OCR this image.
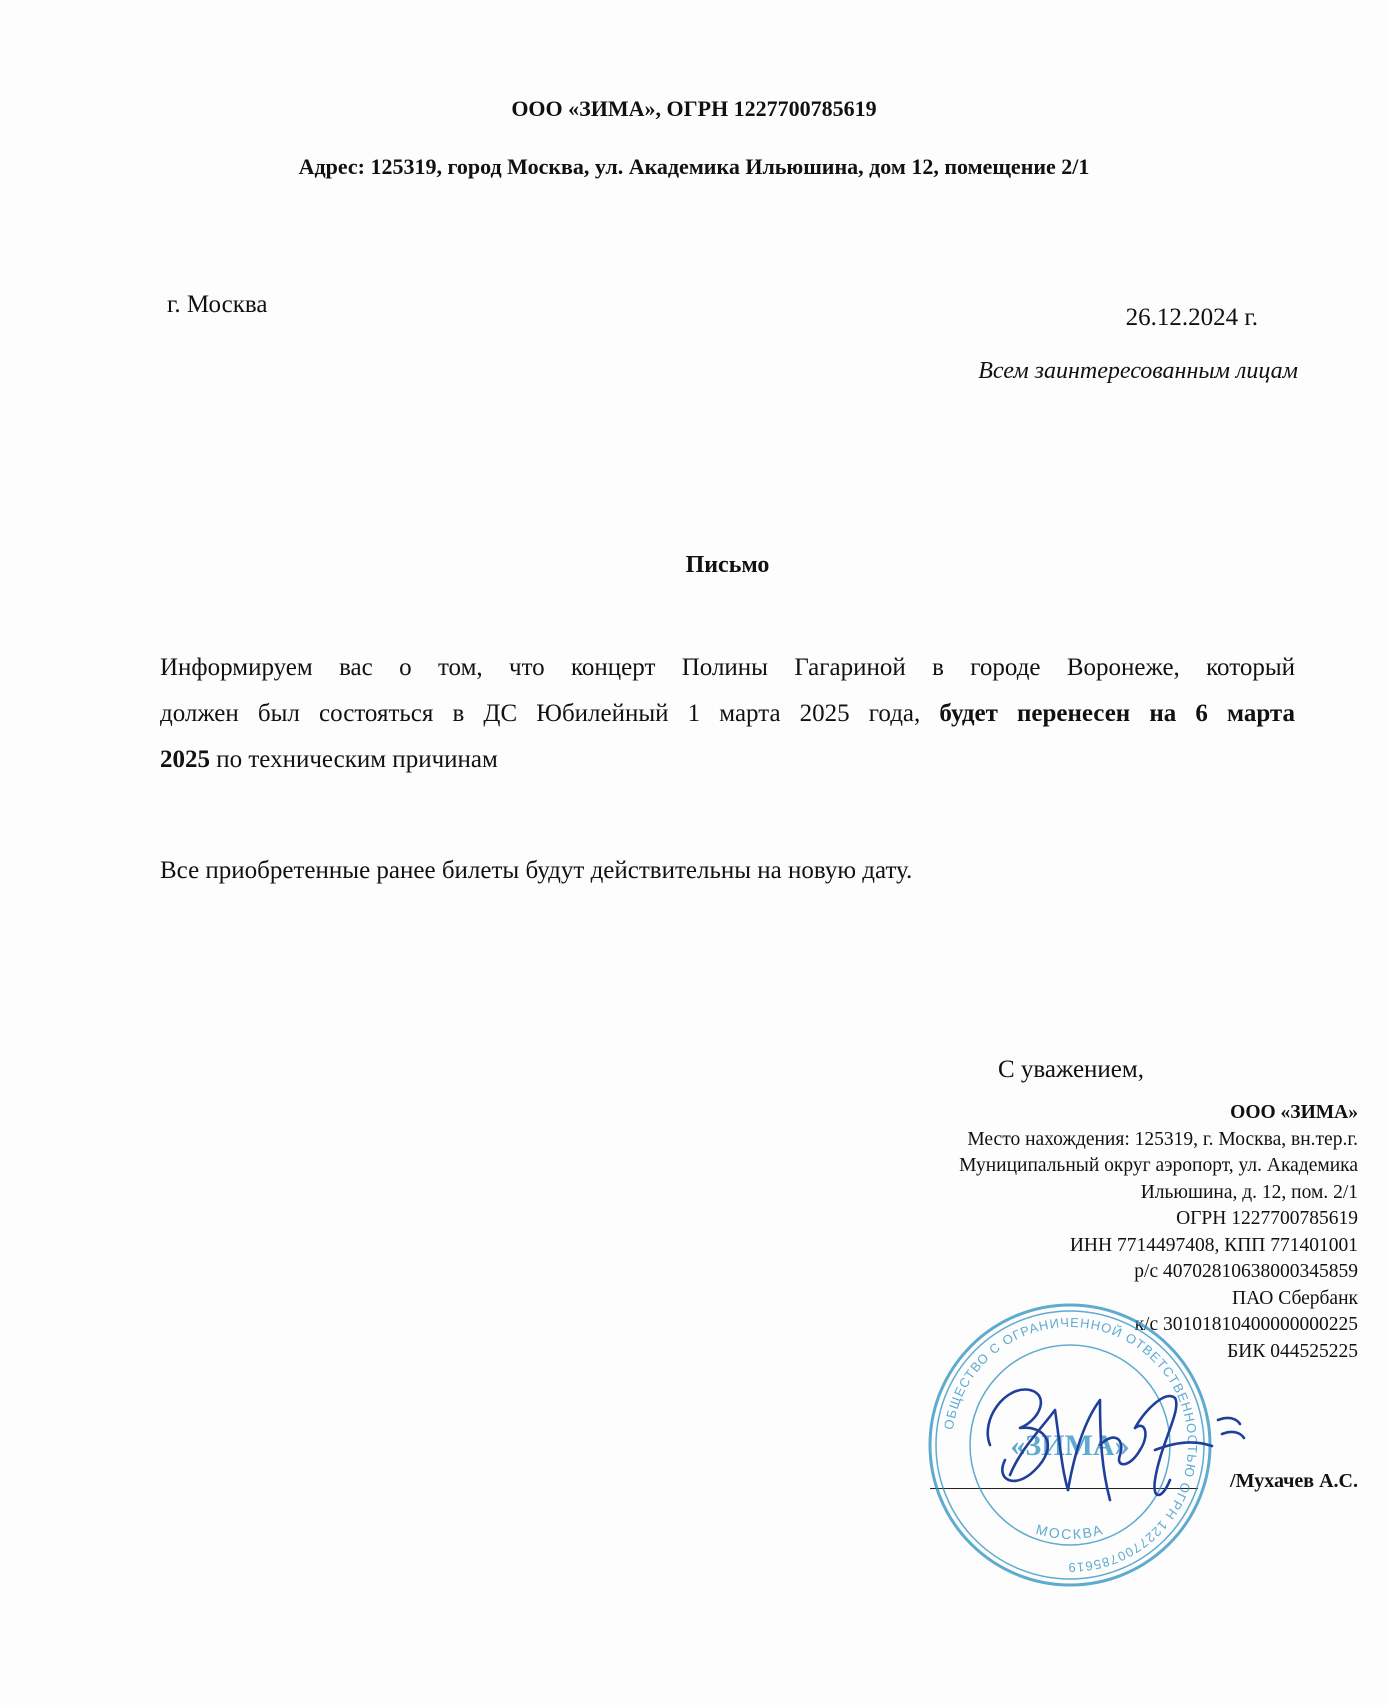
ООО «ЗИМА», ОГРН 1227700785619
Адрес: 125319, город Москва, ул. Академика Ильюшина, дом 12, помещение 2/1
г. Москва	26.12.2024 г.
Всем заинтересованным лицам
Письмо
Информируем вас о том, что концерт Полины Гагариной в городе Воронеже, который
должен был состояться в ДС Юбилейный 1 марта 2025 года, будет перенесен на 6 марта
2025 по техническим причинам
Все приобретенные ранее билеты будут действительны на новую дату.
С уважением,
ООО «ЗИМА»
Место нахождения: 125319, г. Москва, вн.тер.г.
Муниципальный округ аэропорт, ул. Академика
Ильюшина, д. 12, пом. 2/1
ОГРН 1227700785619
ИНН 7714497408, КПП 771401001
р/с 40702810638000345859
ПАО Сбербанк
к/с 30101810400000000225
БИК 044525225
/Мухачев А.С.
ОБЩЕСТВО С ОГРАНИЧЕННОЙ ОТВЕТСТВЕННОСТЬЮ ОГРН 1227700785619
МОСКВА
«ЗИМА»
